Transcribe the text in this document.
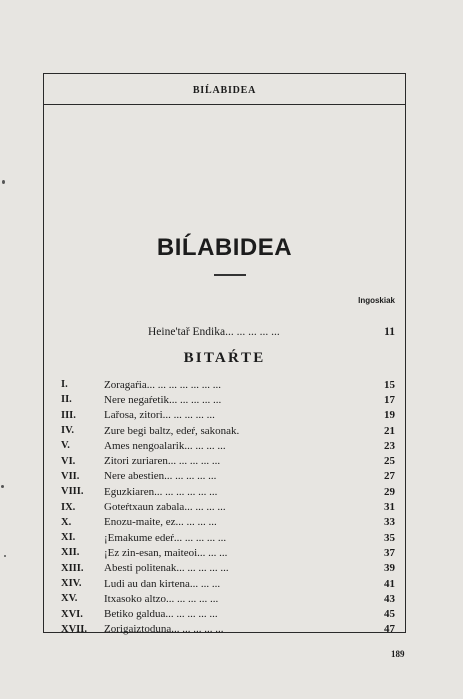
BIĹABIDEA
BIĹABIDEA
Ingoskiak
Heine'tař Endika... ... ... ... ...	11
BITAŔTE
I.	Zoragaŕia... ... ... ... ... ... ...	15
II.	Nere negaŕetik... ... ... ... ...	17
III.	Lařosa, zitori... ... ... ... ...	19
IV.	Zure begi baltz, edeŕ, sakonak.	21
V.	Ames nengoalarik... ... ... ...	23
VI.	Zitori zuriaren... ... ... ... ...	25
VII.	Nere abestien... ... ... ... ...	27
VIII.	Eguzkiaren... ... ... ... ... ...	29
IX.	Goteŕtxaun zabala... ... ... ...	31
X.	Enozu-maite, ez... ... ... ...	33
XI.	¡Emakume edeŕ... ... ... ... ...	35
XII.	¡Ez zin-esan, maiteoi... ... ...	37
XIII.	Abesti politenak... ... ... ... ...	39
XIV.	Ludi au dan kirtena... ... ...	41
XV.	Itxasoko altzo... ... ... ... ...	43
XVI.	Betiko galdua... ... ... ... ...	45
XVII.	Zorigaiztoduna... ... ... ... ...	47
189
